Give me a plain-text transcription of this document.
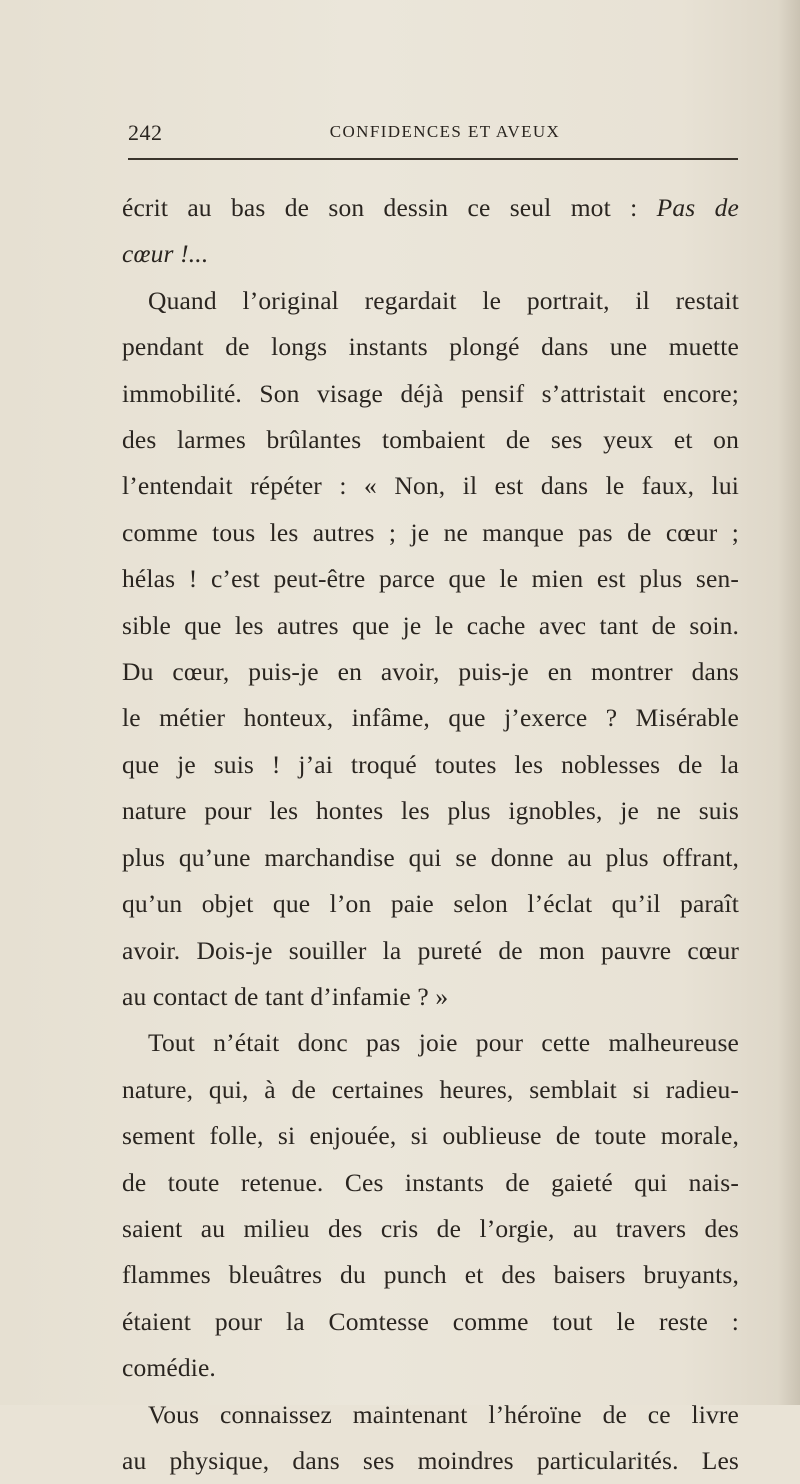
242	CONFIDENCES ET AVEUX
écrit au bas de son dessin ce seul mot : Pas de
cœur !...
Quand l’original regardait le portrait, il restait
pendant de longs instants plongé dans une muette
immobilité. Son visage déjà pensif s’attristait encore;
des larmes brûlantes tombaient de ses yeux et on
l’entendait répéter : « Non, il est dans le faux, lui
comme tous les autres ; je ne manque pas de cœur ;
hélas ! c’est peut-être parce que le mien est plus sen-
sible que les autres que je le cache avec tant de soin.
Du cœur, puis-je en avoir, puis-je en montrer dans
le métier honteux, infâme, que j’exerce ? Misérable
que je suis ! j’ai troqué toutes les noblesses de la
nature pour les hontes les plus ignobles, je ne suis
plus qu’une marchandise qui se donne au plus offrant,
qu’un objet que l’on paie selon l’éclat qu’il paraît
avoir. Dois-je souiller la pureté de mon pauvre cœur
au contact de tant d’infamie ? »
Tout n’était donc pas joie pour cette malheureuse
nature, qui, à de certaines heures, semblait si radieu-
sement folle, si enjouée, si oublieuse de toute morale,
de toute retenue. Ces instants de gaieté qui nais-
saient au milieu des cris de l’orgie, au travers des
flammes bleuâtres du punch et des baisers bruyants,
étaient pour la Comtesse comme tout le reste :
comédie.
Vous connaissez maintenant l’héroïne de ce livre
au physique, dans ses moindres particularités. Les
